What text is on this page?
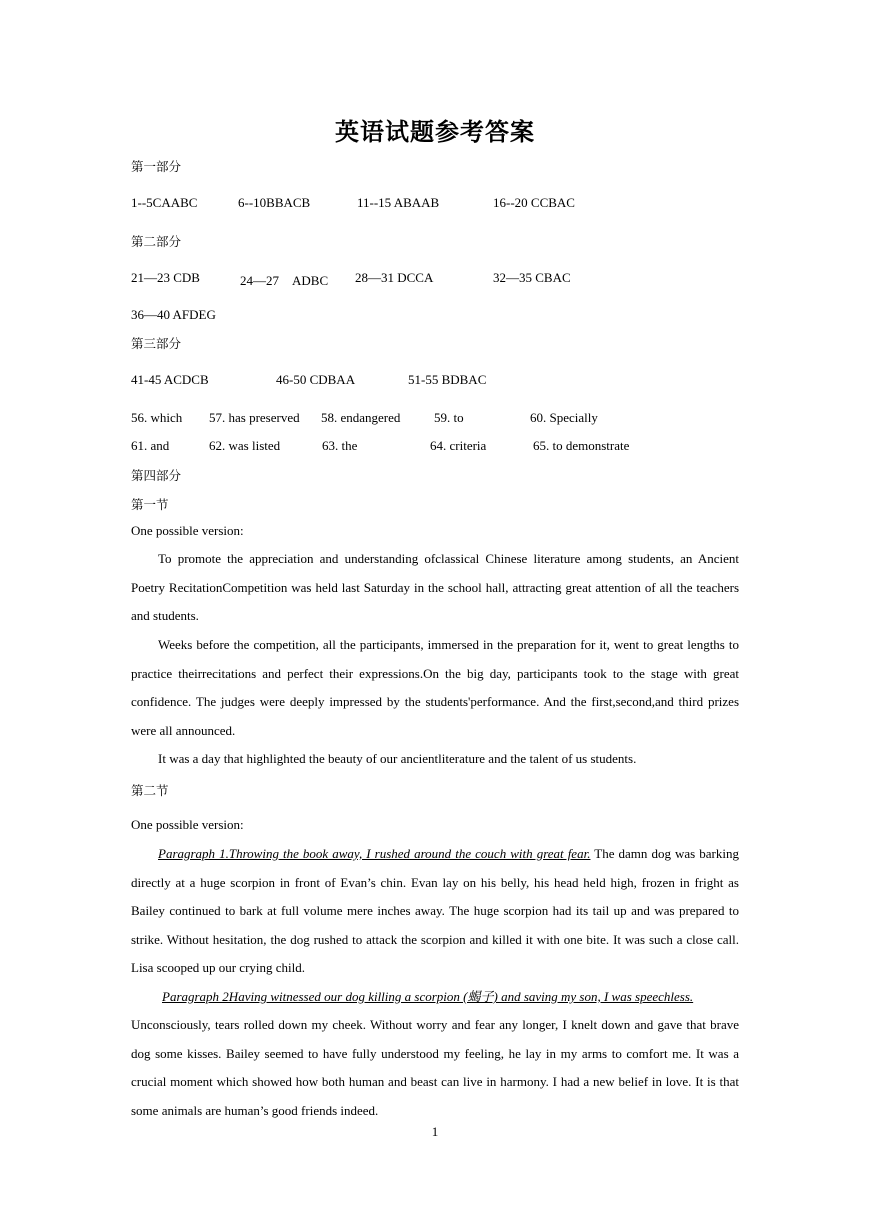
英语试题参考答案
第一部分
1--5CAABC	6--10BBACB	11--15 ABAAB	16--20 CCBAC
第二部分
21—23 CDB	24—27　ADBC 28—31 DCCA	32—35 CBAC
36—40 AFDEG
第三部分
41-45 ACDCB	46-50 CDBAA	51-55 BDBAC
56. which 57. has preserved 58. endangered	59. to	60. Specially
61. and	62. was listed	63. the	64. criteria	65. to demonstrate
第四部分
第一节
One possible version:
To promote the appreciation and understanding ofclassical Chinese literature among students, an Ancient Poetry RecitationCompetition was held last Saturday in the school hall, attracting great attention of all the teachers and students.
Weeks before the competition, all the participants, immersed in the preparation for it, went to great lengths to practice theirrecitations and perfect their expressions.On the big day, participants took to the stage with great confidence. The judges were deeply impressed by the students'performance. And the first,second,and third prizes were all announced.
It was a day that highlighted the beauty of our ancientliterature and the talent of us students.
第二节
One possible version:
Paragraph 1.Throwing the book away, I rushed around the couch with great fear. The damn dog was barking directly at a huge scorpion in front of Evan’s chin. Evan lay on his belly, his head held high, frozen in fright as Bailey continued to bark at full volume mere inches away. The huge scorpion had its tail up and was prepared to strike. Without hesitation, the dog rushed to attack the scorpion and killed it with one bite. It was such a close call. Lisa scooped up our crying child.
Paragraph 2Having witnessed our dog killing a scorpion (蝎子) and saving my son, I was speechless.
Unconsciously, tears rolled down my cheek. Without worry and fear any longer, I knelt down and gave that brave dog some kisses. Bailey seemed to have fully understood my feeling, he lay in my arms to comfort me. It was a crucial moment which showed how both human and beast can live in harmony. I had a new belief in love. It is that some animals are human’s good friends indeed.
1
